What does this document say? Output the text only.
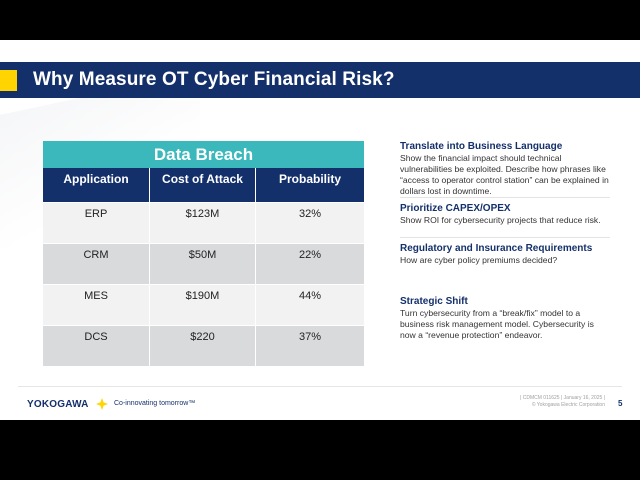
Why Measure OT Cyber Financial Risk?
Data Breach
Application	Cost of Attack	Probability
ERP	$123M	32%
CRM	$50M	22%
MES	$190M	44%
DCS	$220	37%
Translate into Business Language
Show the financial impact should technical vulnerabilities be exploited. Describe how phrases like “access to operator control station” can be explained in dollars lost in downtime.
Prioritize CAPEX/OPEX
Show ROI for cybersecurity projects that reduce risk.
Regulatory and Insurance Requirements
How are cyber policy premiums decided?
Strategic Shift
Turn cybersecurity from a “break/fix” model to a business risk management model. Cybersecurity is now a “revenue protection” endeavor.
YOKOGAWA	Co-innovating tomorrow™
| CDMCM 011625 | January 16, 2025 |
© Yokogawa Electric Corporation 5
